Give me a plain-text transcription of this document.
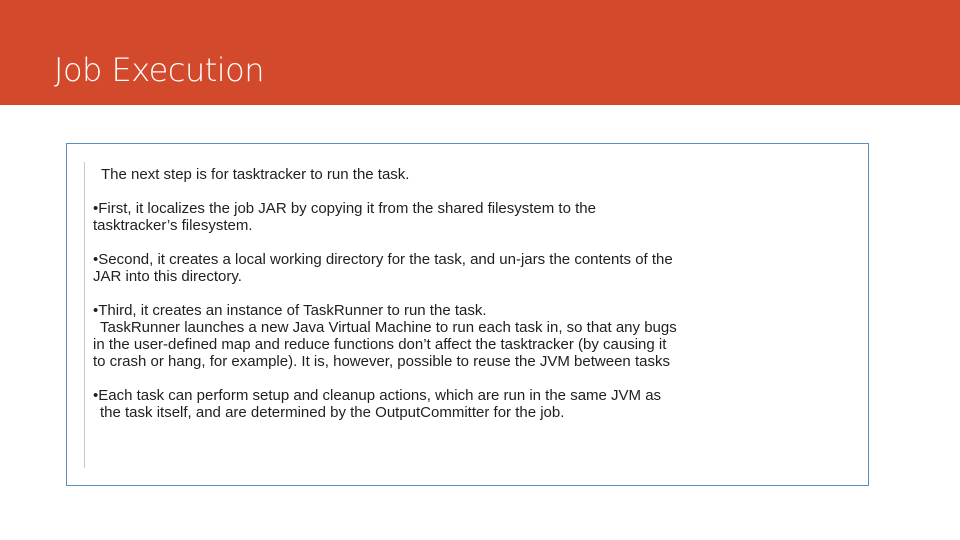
Job Execution

The next step is for tasktracker to run the task.

•First, it localizes the job JAR by copying it from the shared filesystem to the

tasktracker’s filesystem.

•Second, it creates a local working directory for the task, and un-jars the contents of the

JAR into this directory.

•Third, it creates an instance of TaskRunner to run the task.

TaskRunner launches a new Java Virtual Machine to run each task in, so that any bugs

in the user-defined map and reduce functions don’t affect the tasktracker (by causing it

to crash or hang, for example). It is, however, possible to reuse the JVM between tasks

•Each task can perform setup and cleanup actions, which are run in the same JVM as

the task itself, and are determined by the OutputCommitter for the job.
